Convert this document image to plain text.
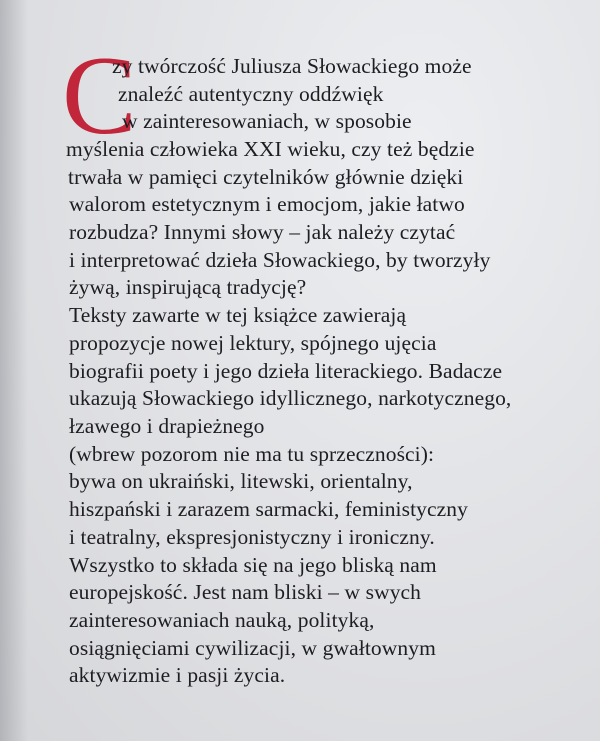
C
zy twórczość Juliusza Słowackiego może
znaleźć autentyczny oddźwięk
w zainteresowaniach, w sposobie
myślenia człowieka XXI wieku, czy też będzie
trwała w pamięci czytelników głównie dzięki
walorom estetycznym i emocjom, jakie łatwo
rozbudza? Innymi słowy – jak należy czytać
i interpretować dzieła Słowackiego, by tworzyły
żywą, inspirującą tradycję?
Teksty zawarte w tej książce zawierają
propozycje nowej lektury, spójnego ujęcia
biografii poety i jego dzieła literackiego. Badacze
ukazują Słowackiego idyllicznego, narkotycznego,
łzawego i drapieżnego
(wbrew pozorom nie ma tu sprzeczności):
bywa on ukraiński, litewski, orientalny,
hiszpański i zarazem sarmacki, feministyczny
i teatralny, ekspresjonistyczny i ironiczny.
Wszystko to składa się na jego bliską nam
europejskość. Jest nam bliski – w swych
zainteresowaniach nauką, polityką,
osiągnięciami cywilizacji, w gwałtownym
aktywizmie i pasji życia.
